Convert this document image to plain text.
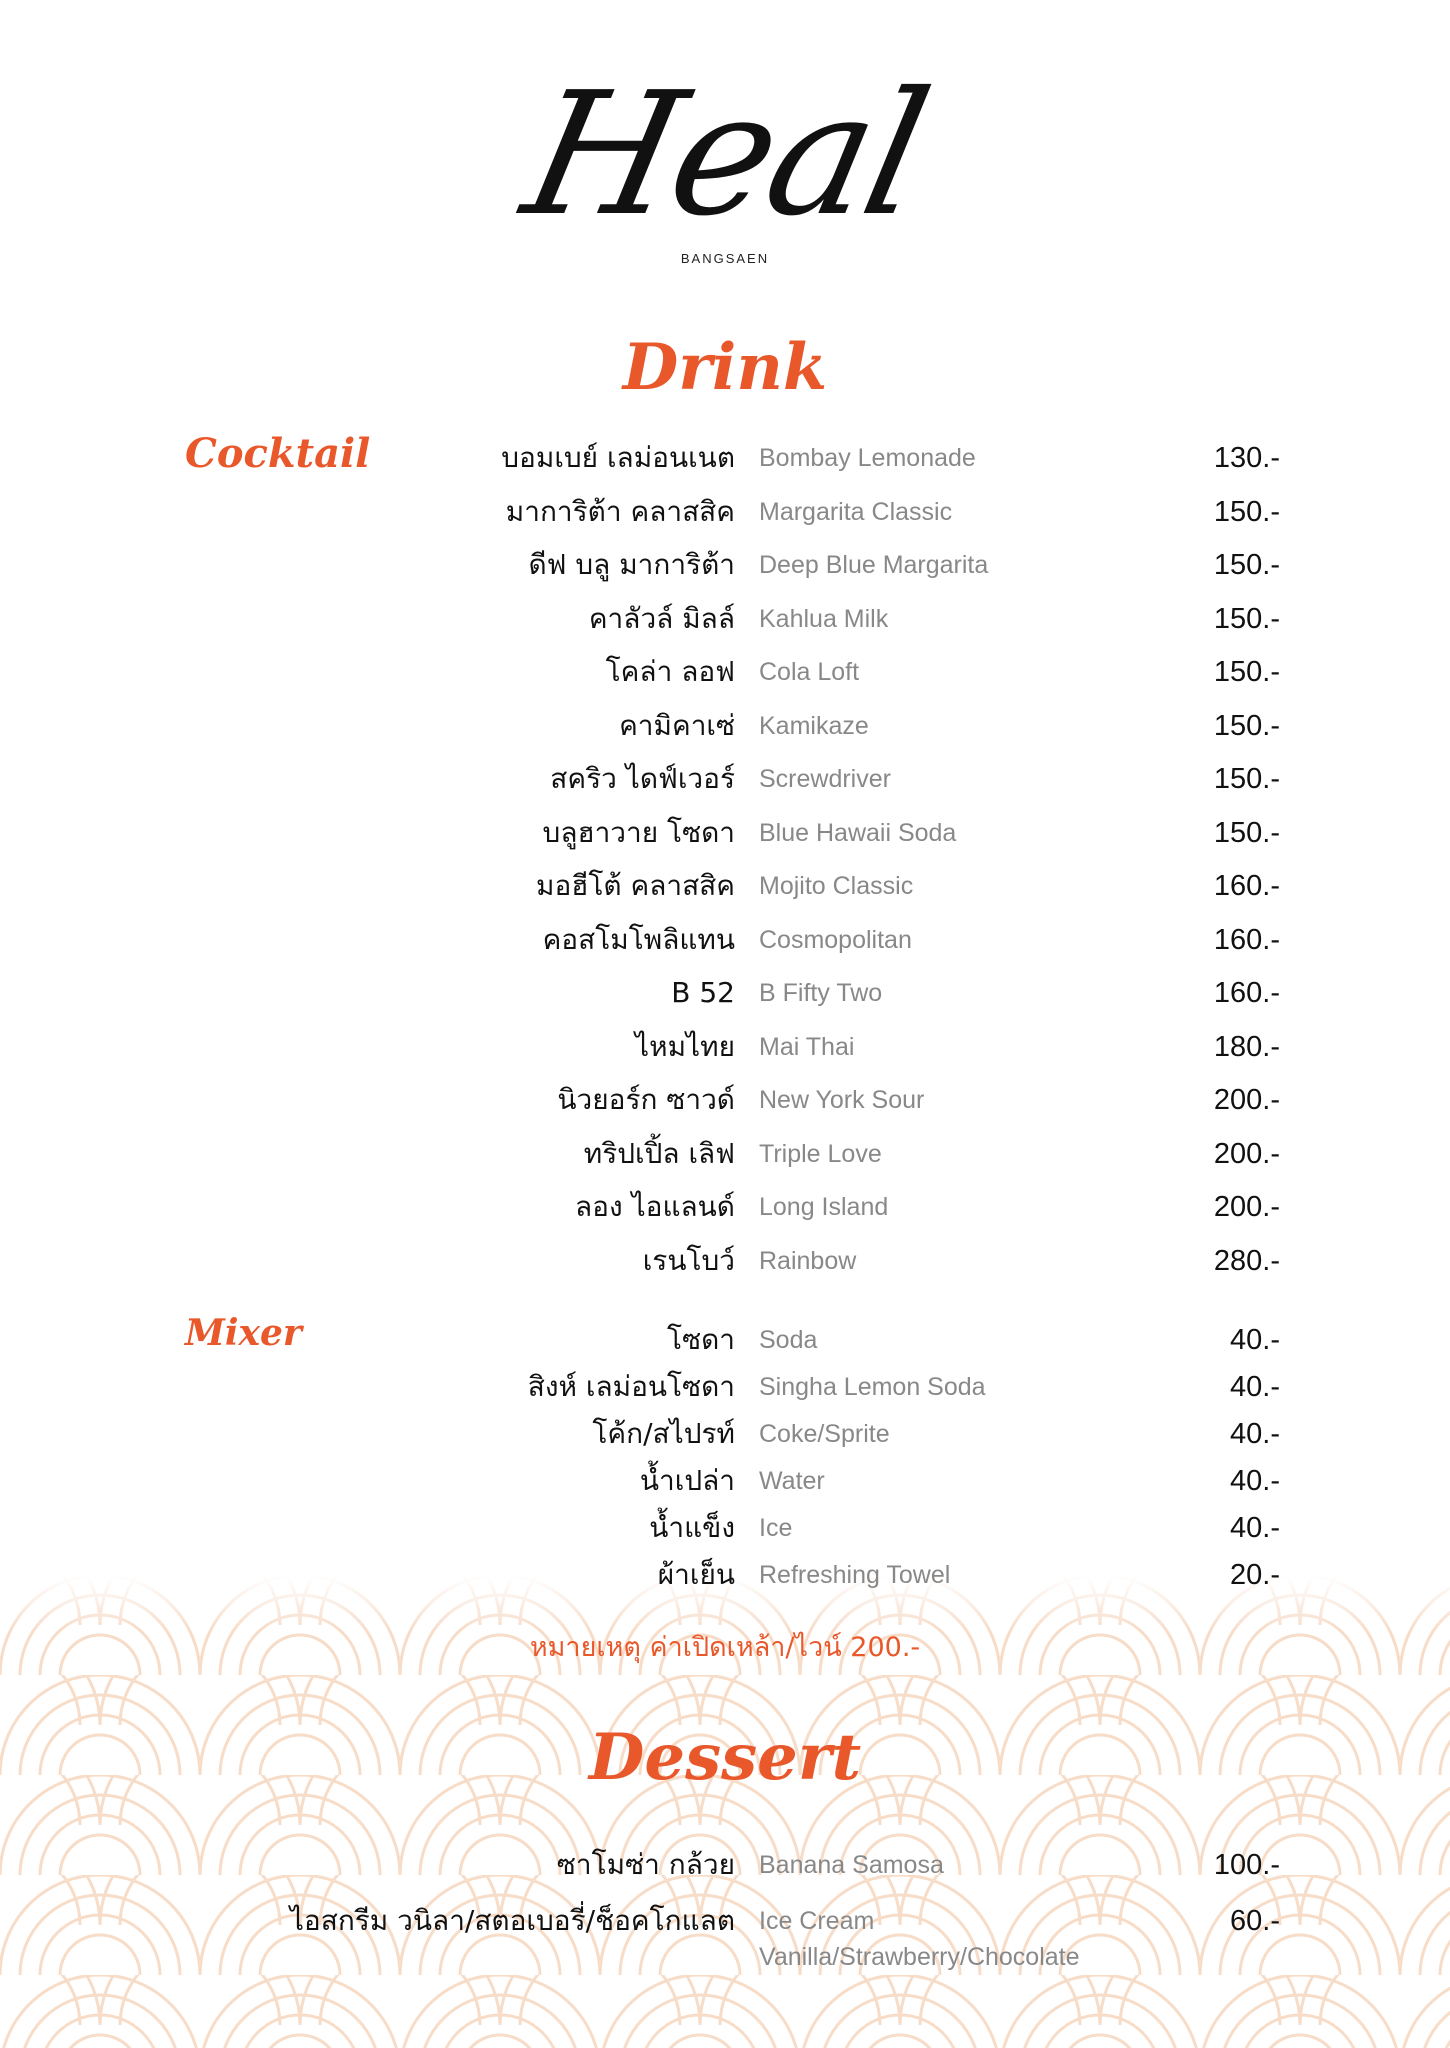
Heal
BANGSAEN
Drink
Cocktail
Mixer
บอมเบย์ เลม่อนเนต Bombay Lemonade	130.-
มาการิต้า คลาสสิค Margarita Classic	150.-
ดีฟ บลู มาการิต้า Deep Blue Margarita	150.-
คาลัวล์ มิลล์ Kahlua Milk	150.-
โคล่า ลอฟ Cola Loft	150.-
คามิคาเซ่ Kamikaze	150.-
สคริว ไดฟ์เวอร์ Screwdriver	150.-
บลูฮาวาย โซดา Blue Hawaii Soda	150.-
มอฮีโต้ คลาสสิค Mojito Classic	160.-
คอสโมโพลิแทน Cosmopolitan	160.-
B 52 B Fifty Two	160.-
ไหมไทย Mai Thai	180.-
นิวยอร์ก ซาวด์ New York Sour	200.-
ทริปเปิ้ล เลิฟ Triple Love	200.-
ลอง ไอแลนด์ Long Island	200.-
เรนโบว์ Rainbow	280.-
โซดา Soda	40.-
สิงห์ เลม่อนโซดา Singha Lemon Soda	40.-
โค้ก/สไปรท์ Coke/Sprite	40.-
น้ำเปล่า Water	40.-
น้ำแข็ง Ice	40.-
ผ้าเย็น Refreshing Towel	20.-
หมายเหตุ ค่าเปิดเหล้า/ไวน์ 200.-
Dessert
ซาโมซ่า กล้วย Banana Samosa	100.-
ไอสกรีม วนิลา/สตอเบอรี่/ช็อคโกแลต Ice Cream	60.-
Vanilla/Strawberry/Chocolate
